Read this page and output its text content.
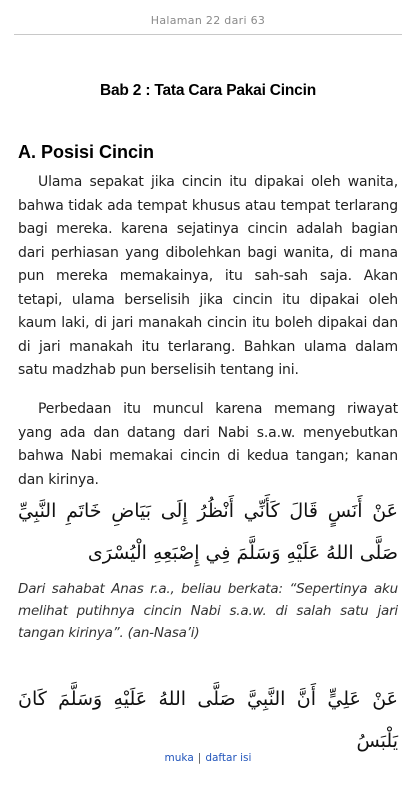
Halaman 22 dari 63
Bab 2 : Tata Cara Pakai Cincin
A. Posisi Cincin
Ulama sepakat jika cincin itu dipakai oleh wanita, bahwa tidak ada tempat khusus atau tempat terlarang bagi mereka. karena sejatinya cincin adalah bagian dari perhiasan yang dibolehkan bagi wanita, di mana pun mereka memakainya, itu sah-sah saja. Akan tetapi, ulama berselisih jika cincin itu dipakai oleh kaum laki, di jari manakah cincin itu boleh dipakai dan di jari manakah itu terlarang. Bahkan ulama dalam satu madzhab pun berselisih tentang ini.
Perbedaan itu muncul karena memang riwayat yang ada dan datang dari Nabi s.a.w. menyebutkan bahwa Nabi memakai cincin di kedua tangan; kanan dan kirinya.
عَنْ أَنَسٍ قَالَ كَأَنِّي أَنْظُرُ إِلَى بَيَاضِ خَاتَمِ النَّبِيِّ صَلَّى اللهُ عَلَيْهِ وَسَلَّمَ فِي إِصْبَعِهِ الْيُسْرَى
Dari sahabat Anas r.a., beliau berkata: “Sepertinya aku melihat putihnya cincin Nabi s.a.w. di salah satu jari tangan kirinya”. (an-Nasa’i)
عَنْ عَلِيٍّ أَنَّ النَّبِيَّ صَلَّى اللهُ عَلَيْهِ وَسَلَّمَ كَانَ يَلْبَسُ
muka | daftar isi
